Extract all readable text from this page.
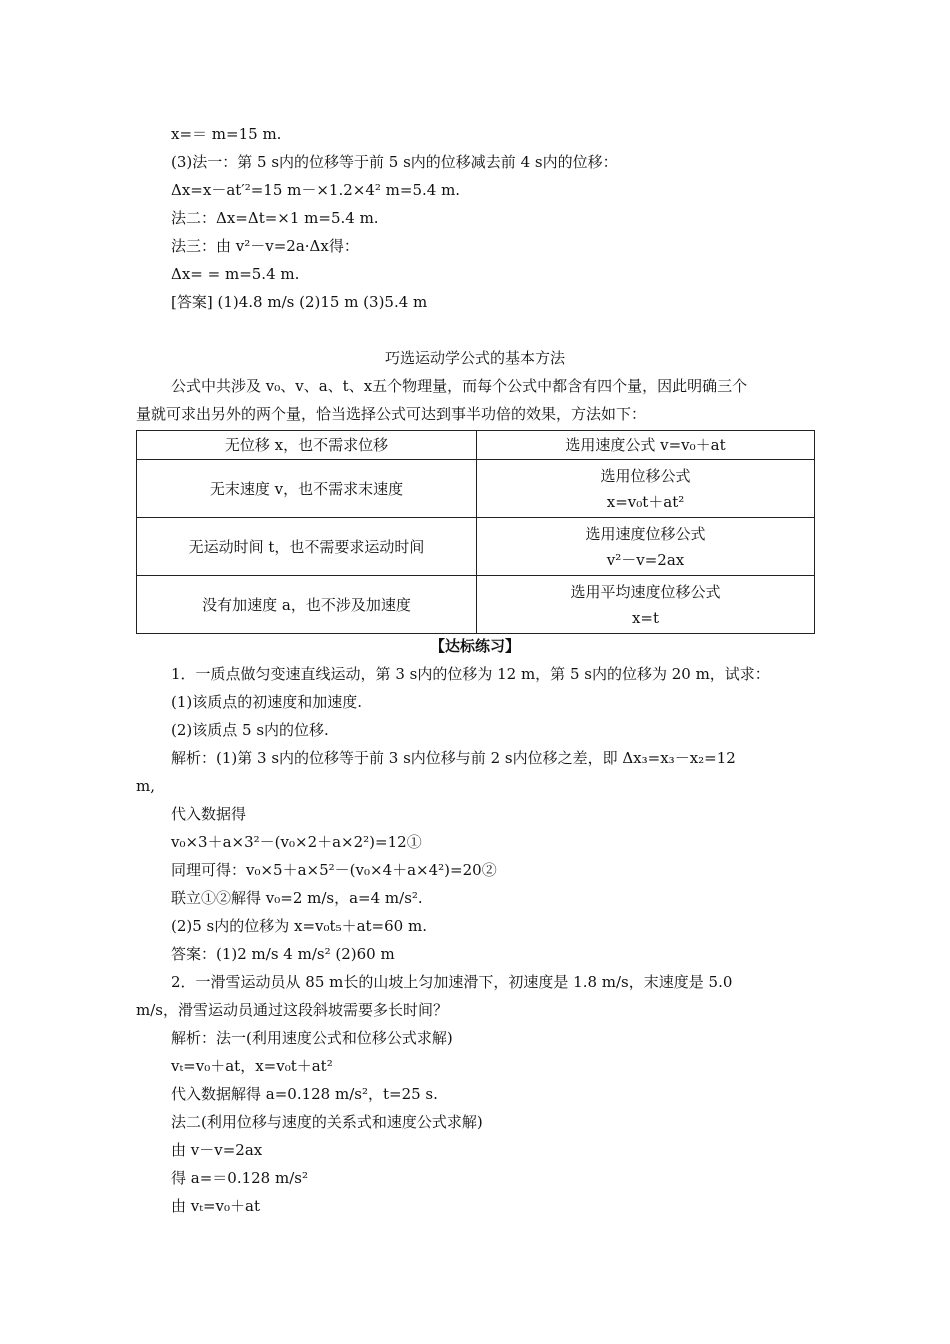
x=＝ m=15 m.
(3)法一：第 5 s内的位移等于前 5 s内的位移减去前 4 s内的位移：
Δx=x－at′²=15 m－×1.2×4² m=5.4 m.
法二：Δx=Δt=×1 m=5.4 m.
法三：由 v²－v=2a·Δx得：
Δx= = m=5.4 m.
[答案] (1)4.8 m/s (2)15 m (3)5.4 m
巧选运动学公式的基本方法
公式中共涉及 v₀、v、a、t、x五个物理量，而每个公式中都含有四个量，因此明确三个
量就可求出另外的两个量，恰当选择公式可达到事半功倍的效果，方法如下：
无位移 x，也不需求位移	选用速度公式 v=v₀＋at

无末速度 v，也不需求末速度	选用位移公式
x=v₀t＋at²

无运动时间 t，也不需要求运动时间	选用速度位移公式
v²－v=2ax

没有加速度 a，也不涉及加速度	选用平均速度位移公式
x=t
【达标练习】
1．一质点做匀变速直线运动，第 3 s内的位移为 12 m，第 5 s内的位移为 20 m，试求：
(1)该质点的初速度和加速度.
(2)该质点 5 s内的位移.
解析：(1)第 3 s内的位移等于前 3 s内位移与前 2 s内位移之差，即 Δx₃=x₃－x₂=12
m,
代入数据得
v₀×3＋a×3²－(v₀×2＋a×2²)=12①
同理可得：v₀×5＋a×5²－(v₀×4＋a×4²)=20②
联立①②解得 v₀=2 m/s，a=4 m/s².
(2)5 s内的位移为 x=v₀t₅＋at=60 m.
答案：(1)2 m/s 4 m/s² (2)60 m
2．一滑雪运动员从 85 m长的山坡上匀加速滑下，初速度是 1.8 m/s，末速度是 5.0
m/s，滑雪运动员通过这段斜坡需要多长时间？
解析：法一(利用速度公式和位移公式求解)
vₜ=v₀＋at，x=v₀t＋at²
代入数据解得 a=0.128 m/s²，t=25 s.
法二(利用位移与速度的关系式和速度公式求解)
由 v－v=2ax
得 a=＝0.128 m/s²
由 vₜ=v₀＋at
